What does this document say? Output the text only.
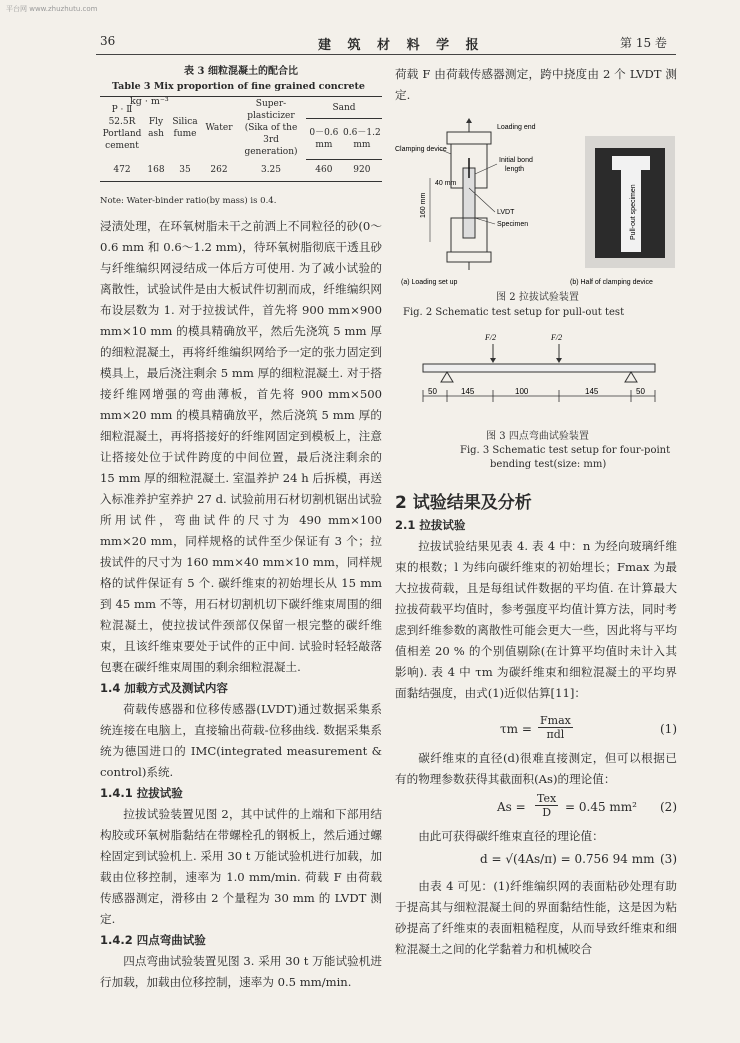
平台网 www.zhuzhutu.com
36	建 筑 材 料 学 报	第 15 卷
表 3 细粒混凝土的配合比
Table 3 Mix proportion of fine grained concrete kg · m⁻³
P · Ⅱ 52.5R Portland cement	Fly ash	Silica fume	Water	Super-plasticizer (Sika of the 3rd generation)	Sand	
					0－0.6 mm	0.6－1.2 mm
472	168	35	262	3.25	460	920
Note: Water-binder ratio(by mass) is 0.4.

浸渍处理，在环氧树脂未干之前洒上不同粒径的砂(0～0.6 mm 和 0.6～1.2 mm)，待环氧树脂彻底干透且砂与纤维编织网浸结成一体后方可使用. 为了减小试验的离散性，试验试件是由大板试件切割而成，纤维编织网布设层数为 1. 对于拉拔试件，首先将 900 mm×900 mm×10 mm 的模具精确放平，然后先浇筑 5 mm 厚的细粒混凝土，再将纤维编织网给予一定的张力固定到模具上，最后浇注剩余 5 mm 厚的细粒混凝土. 对于搭接纤维网增强的弯曲薄板，首先将 900 mm×500 mm×20 mm 的模具精确放平，然后浇筑 5 mm 厚的细粒混凝土，再将搭接好的纤维网固定到模板上，注意让搭接处位于试件跨度的中间位置，最后浇注剩余的 15 mm 厚的细粒混凝土. 室温养护 24 h 后拆模，再送入标准养护室养护 27 d. 试验前用石材切割机锯出试验所用试件，弯曲试件的尺寸为 490 mm×100 mm×20 mm，同样规格的试件至少保证有 3 个；拉拔试件的尺寸为 160 mm×40 mm×10 mm，同样规格的试件保证有 5 个. 碳纤维束的初始埋长从 15 mm 到 45 mm 不等，用石材切割机切下碳纤维束周围的细粒混凝土，使拉拔试件颈部仅保留一根完整的碳纤维束，且该纤维束要处于试件的正中间. 试验时轻轻敲落包裹在碳纤维束周围的剩余细粒混凝土.

1.4 加载方式及测试内容

荷载传感器和位移传感器(LVDT)通过数据采集系统连接在电脑上，直接输出荷载-位移曲线. 数据采集系统为德国进口的 IMC(integrated measurement & control)系统.

1.4.1 拉拔试验

拉拔试验装置见图 2，其中试件的上端和下部用结构胶或环氧树脂黏结在带螺栓孔的钢板上，然后通过螺栓固定到试验机上. 采用 30 t 万能试验机进行加载，加载由位移控制，速率为 1.0 mm/min. 荷载 F 由荷载传感器测定，滑移由 2 个量程为 30 mm 的 LVDT 测定.

1.4.2 四点弯曲试验

四点弯曲试验装置见图 3. 采用 30 t 万能试验机进行加载，加载由位移控制，速率为 0.5 mm/min.

荷载 F 由荷载传感器测定，跨中挠度由 2 个 LVDT 测定.

Loading end
Clamping device
Initial bond
length
40 mm
160 mm	LVDT
Specimen
(a) Loading set up
Pull-out specimen
(b) Half of clamping device
图 2 拉拔试验装置
Fig. 2 Schematic test setup for pull-out test
F/2	F/2
50	145	100	145	50
图 3 四点弯曲试验装置
Fig. 3 Schematic test setup for four-point
bending test(size: mm)
2 试验结果及分析

2.1 拉拔试验

拉拔试验结果见表 4. 表 4 中：n 为经向玻璃纤维束的根数；l 为纬向碳纤维束的初始埋长；Fmax 为最大拉拔荷载，且是每组试件数据的平均值. 在计算最大拉拔荷载平均值时，参考强度平均值计算方法，同时考虑到纤维参数的离散性可能会更大一些，因此将与平均值相差 20 % 的个别值剔除(在计算平均值时未计入其影响). 表 4 中 τm 为碳纤维束和细粒混凝土的平均界面黏结强度，由式(1)近似估算[11]：

τm =
Fmax
πdl	(1)

碳纤维束的直径(d)很难直接测定，但可以根据已有的物理参数获得其截面积(As)的理论值：

As =
Tex
D	= 0.45 mm² (2)

由此可获得碳纤维束直径的理论值：

d = √(4As/π) = 0.756 94 mm (3)

由表 4 可见：(1)纤维编织网的表面粘砂处理有助于提高其与细粒混凝土间的界面黏结性能，这是因为粘砂提高了纤维束的表面粗糙程度，从而导致纤维束和细粒混凝土之间的化学黏着力和机械咬合
